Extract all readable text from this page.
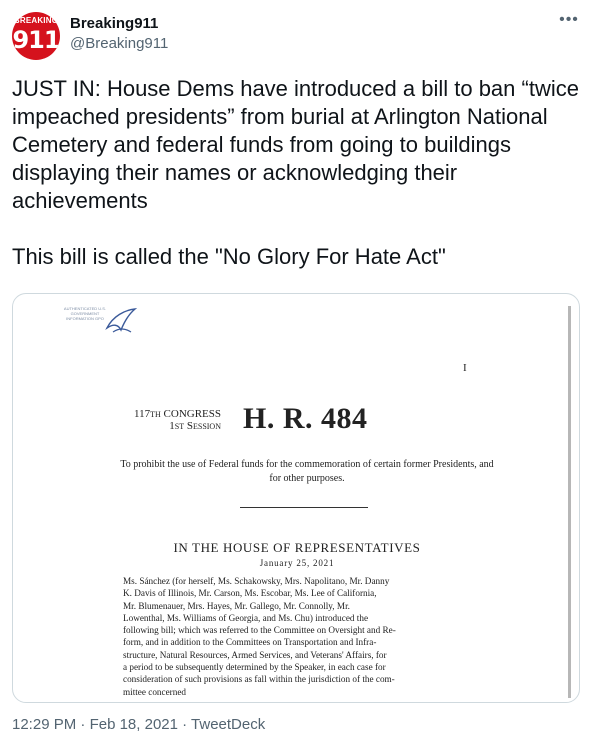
BREAKING
911
Breaking911
@Breaking911
•••

JUST IN: House Dems have introduced a bill to ban “twice impeached presidents” from burial at Arlington National Cemetery and federal funds from going to buildings displaying their names or acknowledging their achievements

This bill is called the "No Glory For Hate Act"

AUTHENTICATED U.S. GOVERNMENT INFORMATION GPO
I
117th CONGRESS
1st Session H. R. 484
To prohibit the use of Federal funds for the commemoration of certain former Presidents, and for other purposes.
IN THE HOUSE OF REPRESENTATIVES
January 25, 2021
Ms. Sánchez (for herself, Ms. Schakowsky, Mrs. Napolitano, Mr. Danny
K. Davis of Illinois, Mr. Carson, Ms. Escobar, Ms. Lee of California,
Mr. Blumenauer, Mrs. Hayes, Mr. Gallego, Mr. Connolly, Mr.
Lowenthal, Ms. Williams of Georgia, and Ms. Chu) introduced the
following bill; which was referred to the Committee on Oversight and Re-
form, and in addition to the Committees on Transportation and Infra-
structure, Natural Resources, Armed Services, and Veterans' Affairs, for
a period to be subsequently determined by the Speaker, in each case for
consideration of such provisions as fall within the jurisdiction of the com-
mittee concerned
12:29 PM · Feb 18, 2021 · TweetDeck
